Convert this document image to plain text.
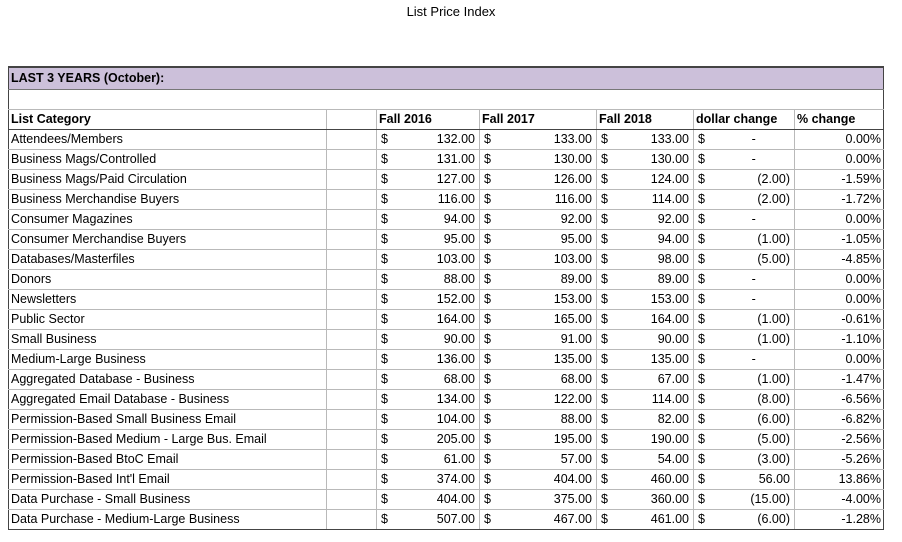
List Price Index
LAST 3 YEARS (October):										

List Category		Fall 2016		Fall 2017		Fall 2018		dollar change		% change
Attendees/Members		$	132.00	$	133.00	$	133.00	$	-	0.00%
Business Mags/Controlled		$	131.00	$	130.00	$	130.00	$	-	0.00%
Business Mags/Paid Circulation		$	127.00	$	126.00	$	124.00	$	(2.00)	-1.59%
Business Merchandise Buyers		$	116.00	$	116.00	$	114.00	$	(2.00)	-1.72%
Consumer Magazines		$	94.00	$	92.00	$	92.00	$	-	0.00%
Consumer Merchandise Buyers		$	95.00	$	95.00	$	94.00	$	(1.00)	-1.05%
Databases/Masterfiles		$	103.00	$	103.00	$	98.00	$	(5.00)	-4.85%
Donors		$	88.00	$	89.00	$	89.00	$	-	0.00%
Newsletters		$	152.00	$	153.00	$	153.00	$	-	0.00%
Public Sector		$	164.00	$	165.00	$	164.00	$	(1.00)	-0.61%
Small Business		$	90.00	$	91.00	$	90.00	$	(1.00)	-1.10%
Medium-Large Business		$	136.00	$	135.00	$	135.00	$	-	0.00%
Aggregated Database - Business		$	68.00	$	68.00	$	67.00	$	(1.00)	-1.47%
Aggregated Email Database - Business		$	134.00	$	122.00	$	114.00	$	(8.00)	-6.56%
Permission-Based Small Business Email		$	104.00	$	88.00	$	82.00	$	(6.00)	-6.82%
Permission-Based Medium - Large Bus. Email		$	205.00	$	195.00	$	190.00	$	(5.00)	-2.56%
Permission-Based BtoC Email		$	61.00	$	57.00	$	54.00	$	(3.00)	-5.26%
Permission-Based Int'l Email		$	374.00	$	404.00	$	460.00	$	56.00	13.86%
Data Purchase - Small Business		$	404.00	$	375.00	$	360.00	$	(15.00)	-4.00%
Data Purchase - Medium-Large Business		$	507.00	$	467.00	$	461.00	$	(6.00)	-1.28%
